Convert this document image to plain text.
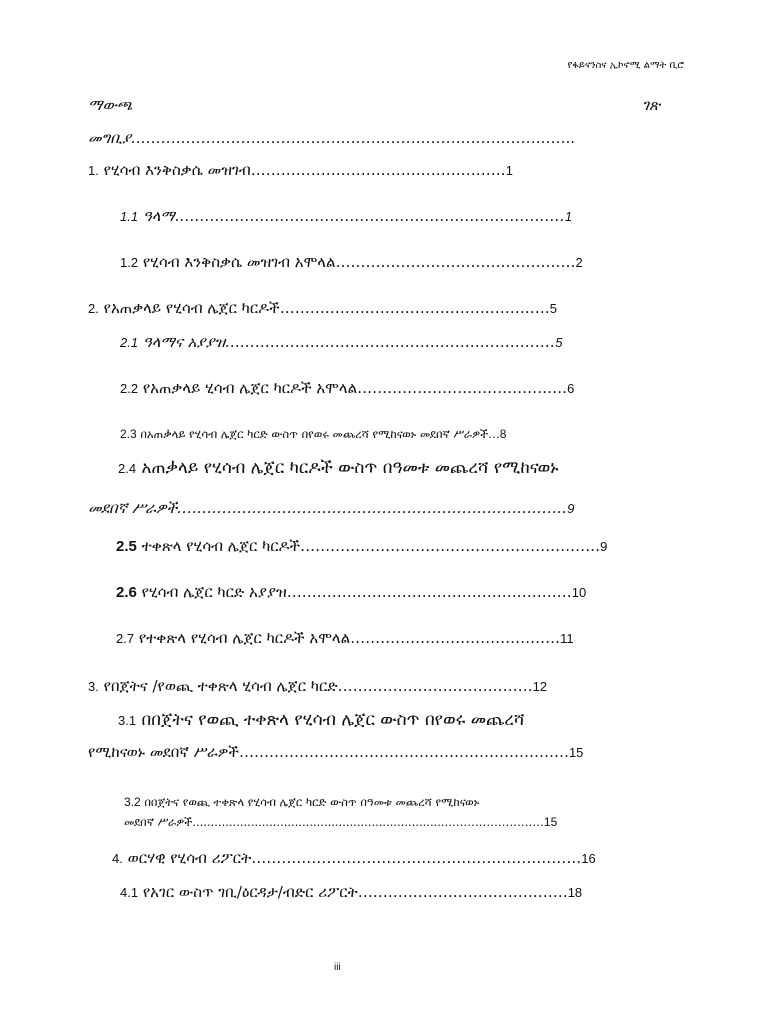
የፋይናንስና ኢኮኖሚ ልማት ቢሮ
ማውጫ	ገጽ
መግቢያ……………………………………………………………………………..
1. የሂሳብ እንቅስቃሴ መዝገብ……………………………………………1
1.1 ዓላማ……………………………………………………………………1
1.2 የሂሳብ እንቅስቃሴ መዝገብ አሞላል…………………………………………2
2. የአጠቃላይ የሂሳብ ሌጀር ካርዶች………………………………………………5
2.1 ዓላማና አያያዝ…………………………………………………………5
2.2 የአጠቃላይ ሂሳብ ሌጀር ካርዶች አሞላል……………………………………6
2.3 በአጠቃላይ የሂሳብ ሌጀር ካርድ ውስጥ በየወሩ መጨረሻ የሚከናወኑ መደበኛ ሥራዎች…8
2.4 አጠቃላይ የሂሳብ ሌጀር ካርዶች ውስጥ በዓመቱ መጨረሻ የሚከናወኑ
መደበኛ ሥራዎች……………………………………………………………………9
2.5 ተቀጽላ የሂሳብ ሌጀር ካርዶች……………………………………………………9
2.6 የሂሳብ ሌጀር ካርድ አያያዝ…………………………………………………10
2.7 የተቀጽላ የሂሳብ ሌጀር ካርዶች አሞላል……………………………………11
3. የበጀትና /የወጪ ተቀጽላ ሂሳብ ሌጀር ካርድ…………………………………12
3.1 በበጀትና የወጪ ተቀጽላ የሂሳብ ሌጀር ውስጥ በየወሩ መጨረሻ
የሚከናወኑ መደበኛ ሥራዎች…………………………………………………………15
3.2 በበጀትና የወጪ ተቀጽላ የሂሳብ ሌጀር ካርድ ውስጥ በዓመቱ መጨረሻ የሚከናወኑ
መደበኛ ሥራዎች.......................................................................……………………15
4. ወርሃዊ የሂሳብ ሪፖርት…………………………………………………………16
4.1 የአገር ውስጥ ገቢ/ዕርዳታ/ብድር ሪፖርት……………………………………18
iii
